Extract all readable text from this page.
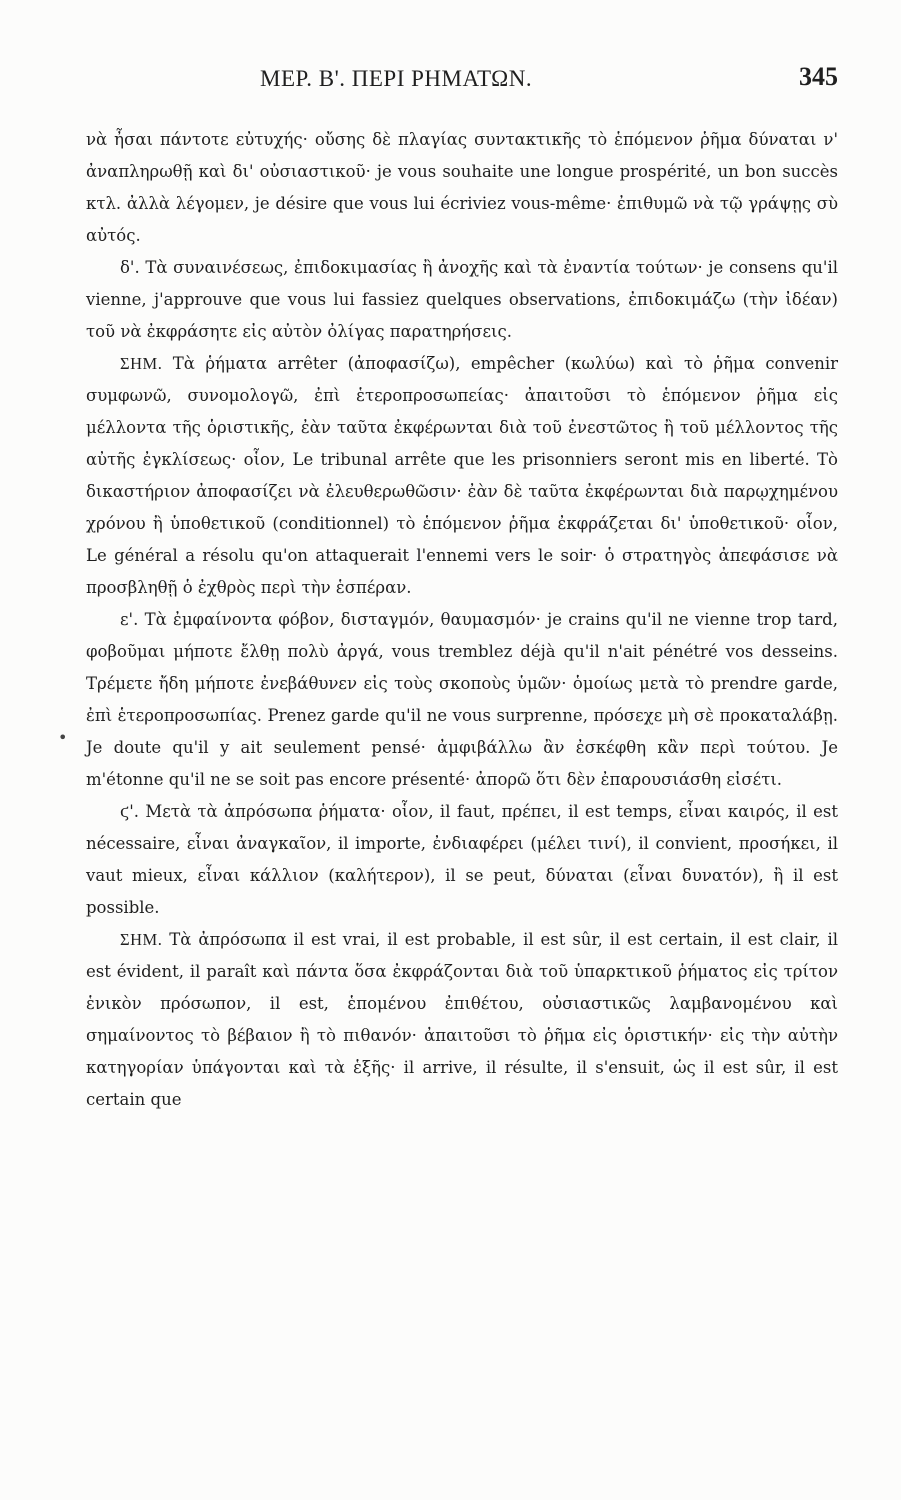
ΜΕΡ. Β'. ΠΕΡΙ ΡΗΜΑΤΩΝ.	345
•

νὰ ἦσαι πάντοτε εὐτυχής· οὔσης δὲ πλαγίας συντακτικῆς τὸ ἑπόμενον ῥῆμα δύναται ν' ἀναπληρωθῇ καὶ δι' οὐσιαστικοῦ· je vous souhaite une longue prospérité, un bon succès κτλ. ἀλλὰ λέγομεν, je désire que vous lui écriviez vous-même· ἐπιθυμῶ νὰ τῷ γράψῃς σὺ αὐτός.

δ'. Τὰ συναινέσεως, ἐπιδοκιμασίας ἢ ἀνοχῆς καὶ τὰ ἐναντία τούτων· je consens qu'il vienne, j'approuve que vous lui fassiez quelques observations, ἐπιδοκιμάζω (τὴν ἰδέαν) τοῦ νὰ ἐκφράσητε εἰς αὐτὸν ὀλίγας παρατηρήσεις.

ΣΗΜ. Τὰ ῥήματα arrêter (ἀποφασίζω), empêcher (κωλύω) καὶ τὸ ῥῆμα convenir συμφωνῶ, συνομολογῶ, ἐπὶ ἑτεροπροσωπείας· ἀπαιτοῦσι τὸ ἑπόμενον ῥῆμα εἰς μέλλοντα τῆς ὁριστικῆς, ἐὰν ταῦτα ἐκφέρωνται διὰ τοῦ ἐνεστῶτος ἢ τοῦ μέλλοντος τῆς αὐτῆς ἐγκλίσεως· οἷον, Le tribunal arrête que les prisonniers seront mis en liberté. Τὸ δικαστήριον ἀποφασίζει νὰ ἐλευθερωθῶσιν· ἐὰν δὲ ταῦτα ἐκφέρωνται διὰ παρῳχημένου χρόνου ἢ ὑποθετικοῦ (conditionnel) τὸ ἑπόμενον ῥῆμα ἐκφράζεται δι' ὑποθετικοῦ· οἷον, Le général a résolu qu'on attaquerait l'ennemi vers le soir· ὁ στρατηγὸς ἀπεφάσισε νὰ προσβληθῇ ὁ ἐχθρὸς περὶ τὴν ἑσπέραν.

ε'. Τὰ ἐμφαίνοντα φόβον, δισταγμόν, θαυμασμόν· je crains qu'il ne vienne trop tard, φοβοῦμαι μήποτε ἔλθῃ πολὺ ἀργά, vous tremblez déjà qu'il n'ait pénétré vos desseins. Τρέμετε ἤδη μήποτε ἐνεβάθυνεν εἰς τοὺς σκοποὺς ὑμῶν· ὁμοίως μετὰ τὸ prendre garde, ἐπὶ ἑτεροπροσωπίας. Prenez garde qu'il ne vous surprenne, πρόσεχε μὴ σὲ προκαταλάβῃ. Je doute qu'il y ait seulement pensé· ἀμφιβάλλω ἂν ἐσκέφθη κἂν περὶ τούτου. Je m'étonne qu'il ne se soit pas encore présenté· ἀπορῶ ὅτι δὲν ἐπαρουσιάσθη εἰσέτι.

ϛ'. Μετὰ τὰ ἀπρόσωπα ῥήματα· οἷον, il faut, πρέπει, il est temps, εἶναι καιρός, il est nécessaire, εἶναι ἀναγκαῖον, il importe, ἐνδιαφέρει (μέλει τινί), il convient, προσήκει, il vaut mieux, εἶναι κάλλιον (καλήτερον), il se peut, δύναται (εἶναι δυνατόν), ἢ il est possible.

ΣΗΜ. Τὰ ἀπρόσωπα il est vrai, il est probable, il est sûr, il est certain, il est clair, il est évident, il paraît καὶ πάντα ὅσα ἐκφράζονται διὰ τοῦ ὑπαρκτικοῦ ῥήματος εἰς τρίτον ἑνικὸν πρόσωπον, il est, ἑπομένου ἐπιθέτου, οὐσιαστικῶς λαμβανομένου καὶ σημαίνοντος τὸ βέβαιον ἢ τὸ πιθανόν· ἀπαιτοῦσι τὸ ῥῆμα εἰς ὁριστικήν· εἰς τὴν αὐτὴν κατηγορίαν ὑπάγονται καὶ τὰ ἑξῆς· il arrive, il résulte, il s'ensuit, ὡς il est sûr, il est certain que
